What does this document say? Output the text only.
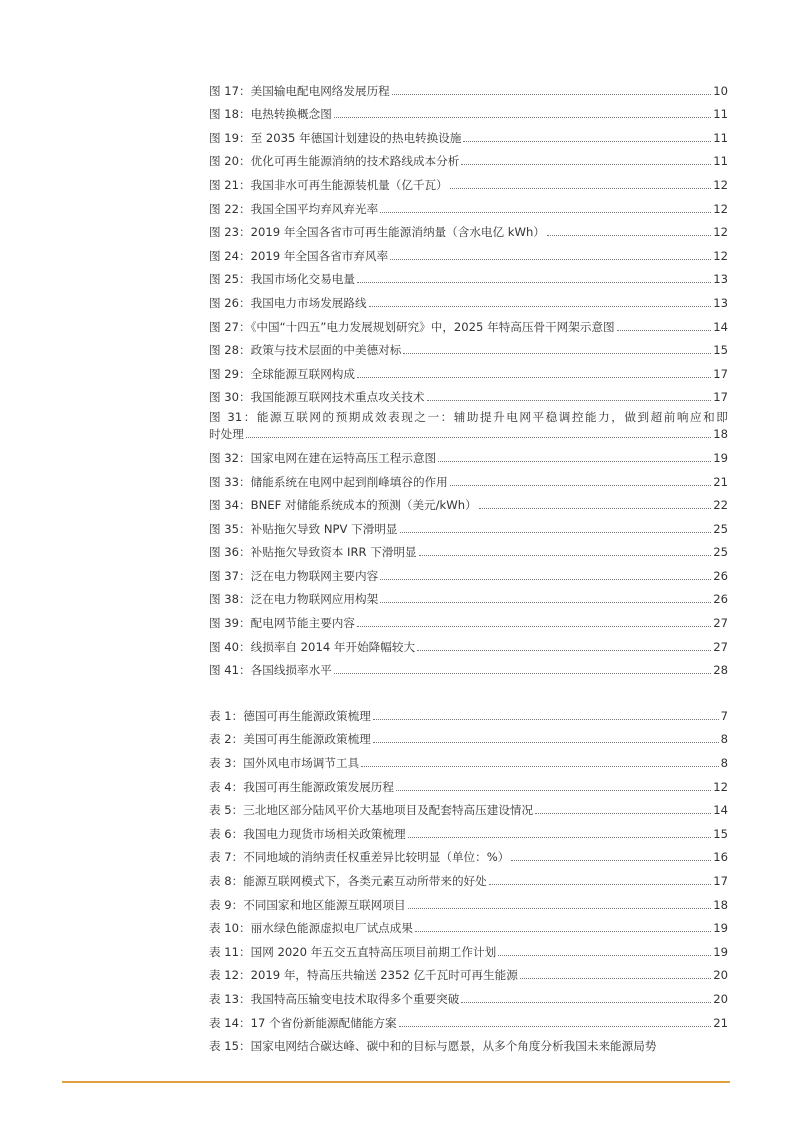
图 17：美国输电配电网络发展历程	10
图 18：电热转换概念图	11
图 19：至 2035 年德国计划建设的热电转换设施	11
图 20：优化可再生能源消纳的技术路线成本分析	11
图 21：我国非水可再生能源装机量（亿千瓦）	12
图 22：我国全国平均弃风弃光率	12
图 23：2019 年全国各省市可再生能源消纳量（含水电亿 kWh）	12
图 24：2019 年全国各省市弃风率	12
图 25：我国市场化交易电量	13
图 26：我国电力市场发展路线	13
图 27：《中国“十四五”电力发展规划研究》中，2025 年特高压骨干网架示意图	14
图 28：政策与技术层面的中美德对标	15
图 29：全球能源互联网构成	17
图 30：我国能源互联网技术重点攻关技术	17
图 31：能源互联网的预期成效表现之一：辅助提升电网平稳调控能力，做到超前响应和即
时处理	18
图 32：国家电网在建在运特高压工程示意图	19
图 33：储能系统在电网中起到削峰填谷的作用	21
图 34：BNEF 对储能系统成本的预测（美元/kWh）	22
图 35：补贴拖欠导致 NPV 下滑明显	25
图 36：补贴拖欠导致资本 IRR 下滑明显	25
图 37：泛在电力物联网主要内容	26
图 38：泛在电力物联网应用构架	26
图 39：配电网节能主要内容	27
图 40：线损率自 2014 年开始降幅较大	27
图 41：各国线损率水平	28
表 1：德国可再生能源政策梳理	7
表 2：美国可再生能源政策梳理	8
表 3：国外风电市场调节工具	8
表 4：我国可再生能源政策发展历程	12
表 5：三北地区部分陆风平价大基地项目及配套特高压建设情况	14
表 6：我国电力现货市场相关政策梳理	15
表 7：不同地域的消纳责任权重差异比较明显（单位：%）	16
表 8：能源互联网模式下，各类元素互动所带来的好处	17
表 9：不同国家和地区能源互联网项目	18
表 10：丽水绿色能源虚拟电厂试点成果	19
表 11：国网 2020 年五交五直特高压项目前期工作计划	19
表 12：2019 年，特高压共输送 2352 亿千瓦时可再生能源	20
表 13：我国特高压输变电技术取得多个重要突破	20
表 14：17 个省份新能源配储能方案	21
表 15：国家电网结合碳达峰、碳中和的目标与愿景，从多个角度分析我国未来能源局势
